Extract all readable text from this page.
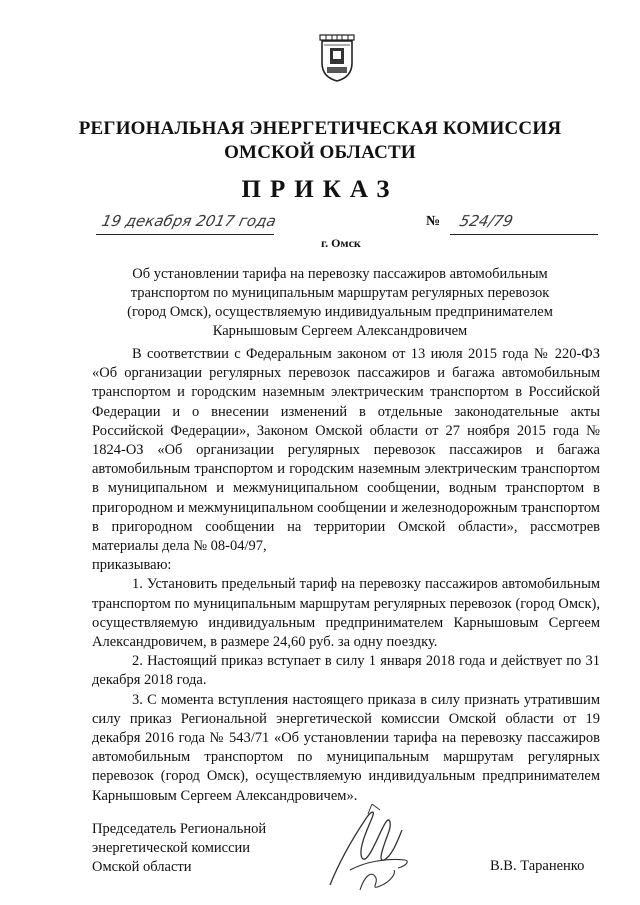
РЕГИОНАЛЬНАЯ ЭНЕРГЕТИЧЕСКАЯ КОМИССИЯ
ОМСКОЙ ОБЛАСТИ
ПРИКАЗ
19 декабря 2017 года	№ 524/79
г. Омск
Об установлении тарифа на перевозку пассажиров автомобильным
транспортом по муниципальным маршрутам регулярных перевозок
(город Омск), осуществляемую индивидуальным предпринимателем
Карнышовым Сергеем Александровичем

В соответствии с Федеральным законом от 13 июля 2015 года № 220-ФЗ «Об организации регулярных перевозок пассажиров и багажа автомобильным транспортом и городским наземным электрическим транспортом в Российской Федерации и о внесении изменений в отдельные законодательные акты Российской Федерации», Законом Омской области от 27 ноября 2015 года № 1824-ОЗ «Об организации регулярных перевозок пассажиров и багажа автомобильным транспортом и городским наземным электрическим транспортом в муниципальном и межмуниципальном сообщении, водным транспортом в пригородном и межмуниципальном сообщении и железнодорожным транспортом в пригородном сообщении на территории Омской области», рассмотрев материалы дела № 08-04/97,

приказываю:

1. Установить предельный тариф на перевозку пассажиров автомобильным транспортом по муниципальным маршрутам регулярных перевозок (город Омск), осуществляемую индивидуальным предпринимателем Карнышовым Сергеем Александровичем, в размере 24,60 руб. за одну поездку.

2. Настоящий приказ вступает в силу 1 января 2018 года и действует по 31 декабря 2018 года.

3. С момента вступления настоящего приказа в силу признать утратившим силу приказ Региональной энергетической комиссии Омской области от 19 декабря 2016 года № 543/71 «Об установлении тарифа на перевозку пассажиров автомобильным транспортом по муниципальным маршрутам регулярных перевозок (город Омск), осуществляемую индивидуальным предпринимателем Карнышовым Сергеем Александровичем».

Председатель Региональной
энергетической комиссии
Омской области	В.В. Тараненко
